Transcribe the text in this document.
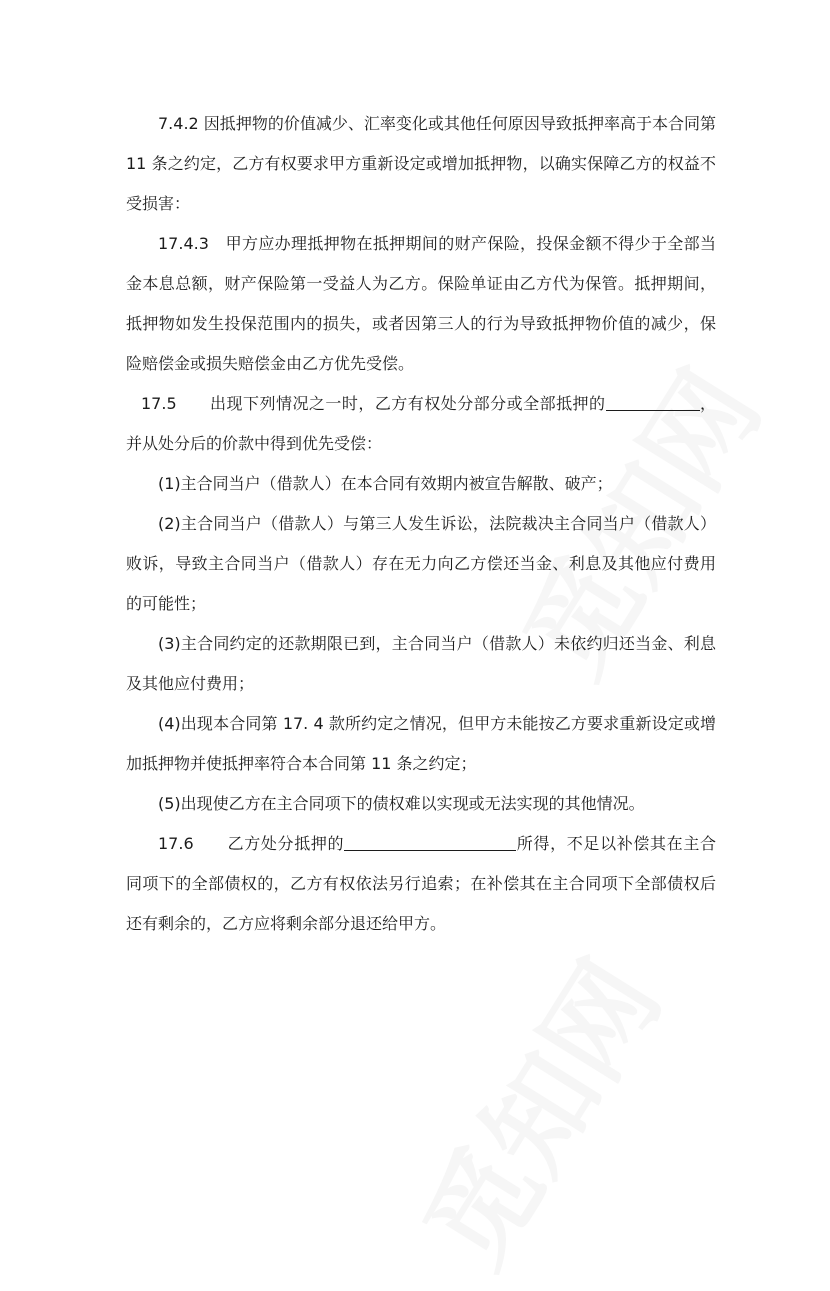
7.4.2 因抵押物的价值减少、汇率变化或其他任何原因导致抵押率高于本合同第 11 条之约定，乙方有权要求甲方重新设定或增加抵押物，以确实保障乙方的权益不受损害：

17.4.3　甲方应办理抵押物在抵押期间的财产保险，投保金额不得少于全部当金本息总额，财产保险第一受益人为乙方。保险单证由乙方代为保管。抵押期间，抵押物如发生投保范围内的损失，或者因第三人的行为导致抵押物价值的减少，保险赔偿金或损失赔偿金由乙方优先受偿。

17.5　　出现下列情况之一时，乙方有权处分部分或全部抵押的	，并从处分后的价款中得到优先受偿：

(1)主合同当户（借款人）在本合同有效期内被宣告解散、破产；

(2)主合同当户（借款人）与第三人发生诉讼，法院裁决主合同当户（借款人）败诉，导致主合同当户（借款人）存在无力向乙方偿还当金、利息及其他应付费用的可能性；

(3)主合同约定的还款期限已到，主合同当户（借款人）未依约归还当金、利息及其他应付费用；

(4)出现本合同第 17. 4 款所约定之情况，但甲方未能按乙方要求重新设定或增加抵押物并使抵押率符合本合同第 11 条之约定；

(5)出现使乙方在主合同项下的债权难以实现或无法实现的其他情况。

17.6　　乙方处分抵押的	所得，不足以补偿其在主合同项下的全部债权的，乙方有权依法另行追索；在补偿其在主合同项下全部债权后还有剩余的，乙方应将剩余部分退还给甲方。
